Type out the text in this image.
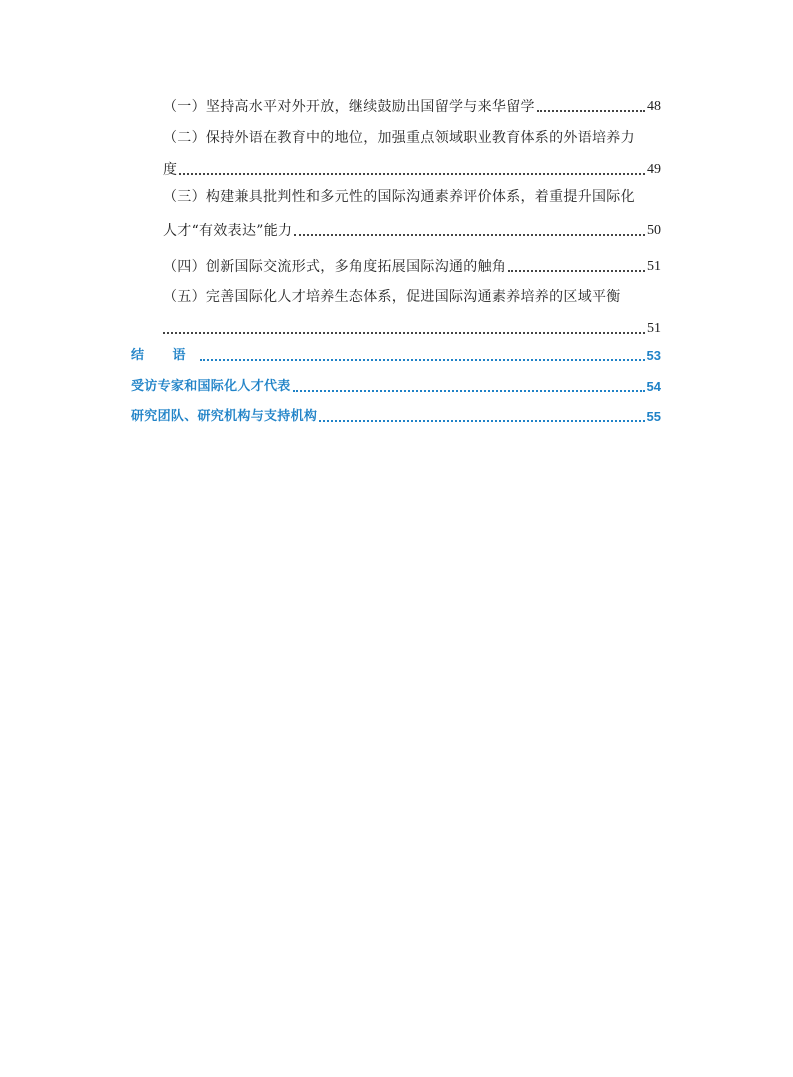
（一）坚持高水平对外开放，继续鼓励出国留学与来华留学	48
（二）保持外语在教育中的地位，加强重点领域职业教育体系的外语培养力
度	49
（三）构建兼具批判性和多元性的国际沟通素养评价体系，着重提升国际化
人才“有效表达”能力	50
（四）创新国际交流形式，多角度拓展国际沟通的触角	51
（五）完善国际化人才培养生态体系，促进国际沟通素养培养的区域平衡
51
结 语	53
受访专家和国际化人才代表	54
研究团队、研究机构与支持机构	55
